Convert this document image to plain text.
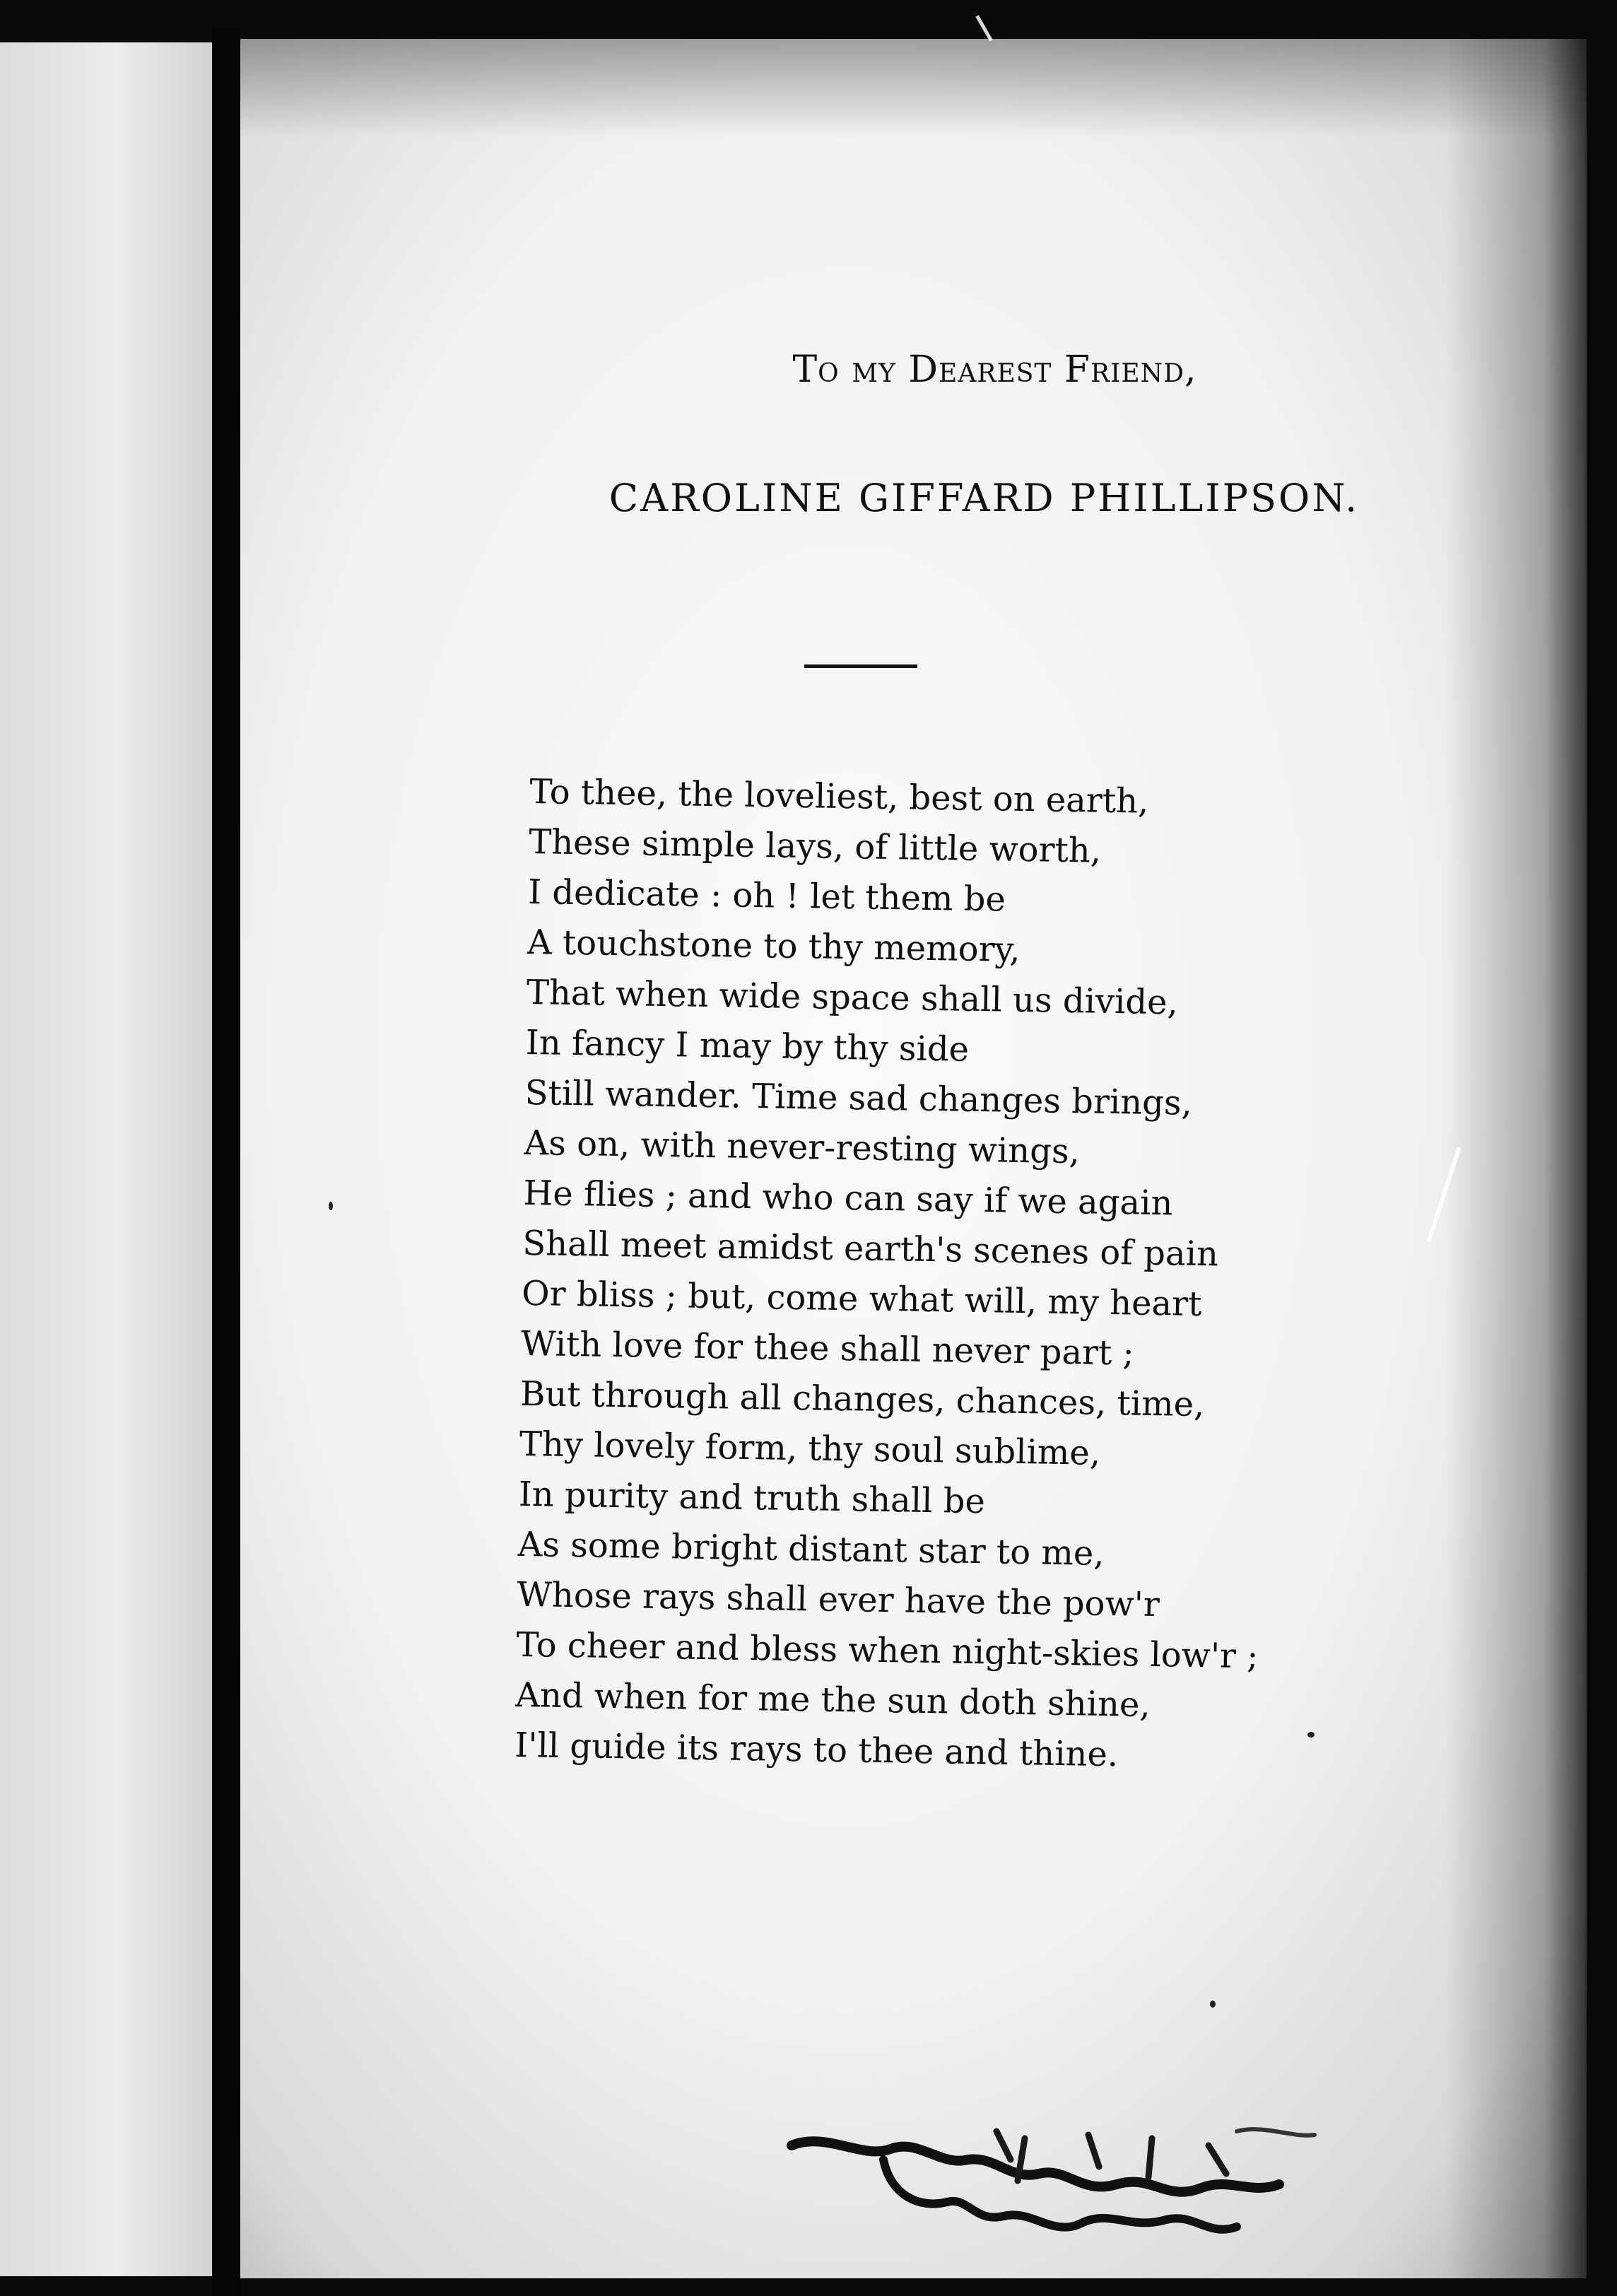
To my Dearest Friend,
CAROLINE GIFFARD PHILLIPSON.
To thee, the loveliest, best on earth,
These simple lays, of little worth,
I dedicate : oh ! let them be
A touchstone to thy memory,
That when wide space shall us divide,
In fancy I may by thy side
Still wander. Time sad changes brings,
As on, with never-resting wings,
He flies ; and who can say if we again
Shall meet amidst earth's scenes of pain
Or bliss ; but, come what will, my heart
With love for thee shall never part ;
But through all changes, chances, time,
Thy lovely form, thy soul sublime,
In purity and truth shall be
As some bright distant star to me,
Whose rays shall ever have the pow'r
To cheer and bless when night-skies low'r ;
And when for me the sun doth shine,
I'll guide its rays to thee and thine.
